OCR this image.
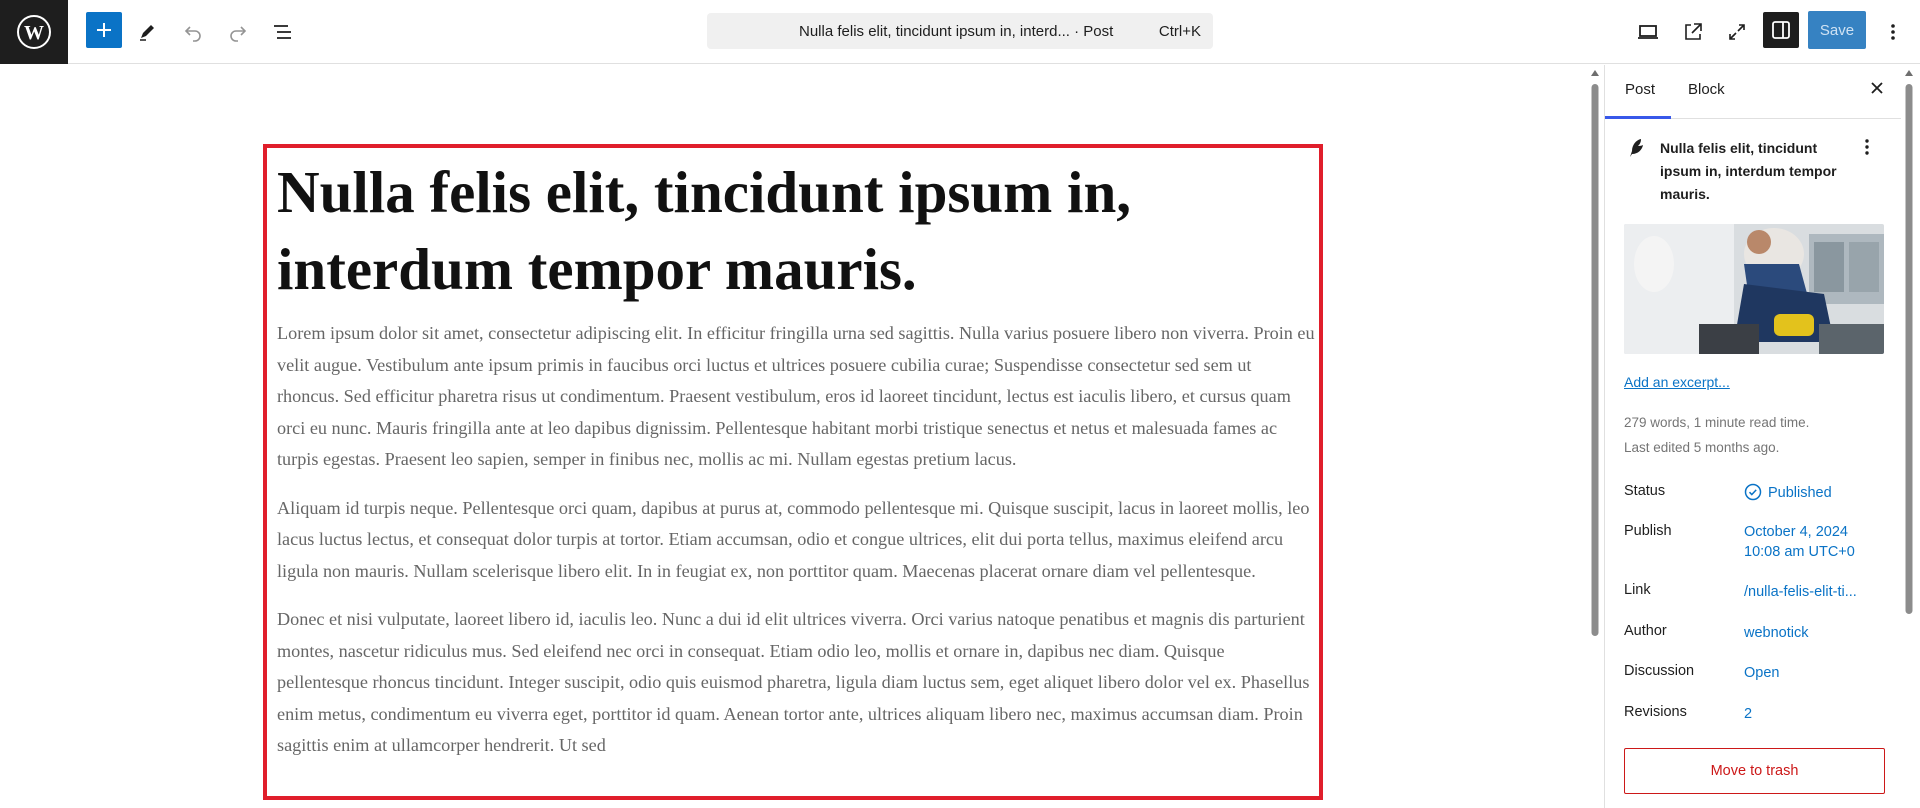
W	Nulla felis elit, tincidunt ipsum in, interd... · Post	Ctrl+K	Save
Nulla felis elit, tincidunt ipsum in, interdum tempor mauris.

Lorem ipsum dolor sit amet, consectetur adipiscing elit. In efficitur fringilla urna sed sagittis. Nulla varius posuere libero non viverra. Proin eu velit augue. Vestibulum ante ipsum primis in faucibus orci luctus et ultrices posuere cubilia curae; Suspendisse consectetur sed sem ut rhoncus. Sed efficitur pharetra risus ut condimentum. Praesent vestibulum, eros id laoreet tincidunt, lectus est iaculis libero, et cursus quam orci eu nunc. Mauris fringilla ante at leo dapibus dignissim. Pellentesque habitant morbi tristique senectus et netus et malesuada fames ac turpis egestas. Praesent leo sapien, semper in finibus nec, mollis ac mi. Nullam egestas pretium lacus.

Aliquam id turpis neque. Pellentesque orci quam, dapibus at purus at, commodo pellentesque mi. Quisque suscipit, lacus in laoreet mollis, leo lacus luctus lectus, et consequat dolor turpis at tortor. Etiam accumsan, odio et congue ultrices, elit dui porta tellus, maximus eleifend arcu ligula non mauris. Nullam scelerisque libero elit. In in feugiat ex, non porttitor quam. Maecenas placerat ornare diam vel pellentesque.

Donec et nisi vulputate, laoreet libero id, iaculis leo. Nunc a dui id elit ultrices viverra. Orci varius natoque penatibus et magnis dis parturient montes, nascetur ridiculus mus. Sed eleifend nec orci in consequat. Etiam odio leo, mollis et ornare in, dapibus nec diam. Quisque pellentesque rhoncus tincidunt. Integer suscipit, odio quis euismod pharetra, ligula diam luctus sem, eget aliquet libero dolor vel ex. Phasellus enim metus, condimentum eu viverra eget, porttitor id quam. Aenean tortor ante, ultrices aliquam libero nec, maximus accumsan diam. Proin sagittis enim at ullamcorper hendrerit. Ut sed

Post Block
Nulla felis elit, tincidunt ipsum in, interdum tempor mauris.
Add an excerpt...
279 words, 1 minute read time.
Last edited 5 months ago.
Status	Published
Publish	October 4, 2024
10:08 am UTC+0
Link	/nulla-felis-elit-ti...
Author	webnotick
Discussion	Open
Revisions	2
Move to trash
